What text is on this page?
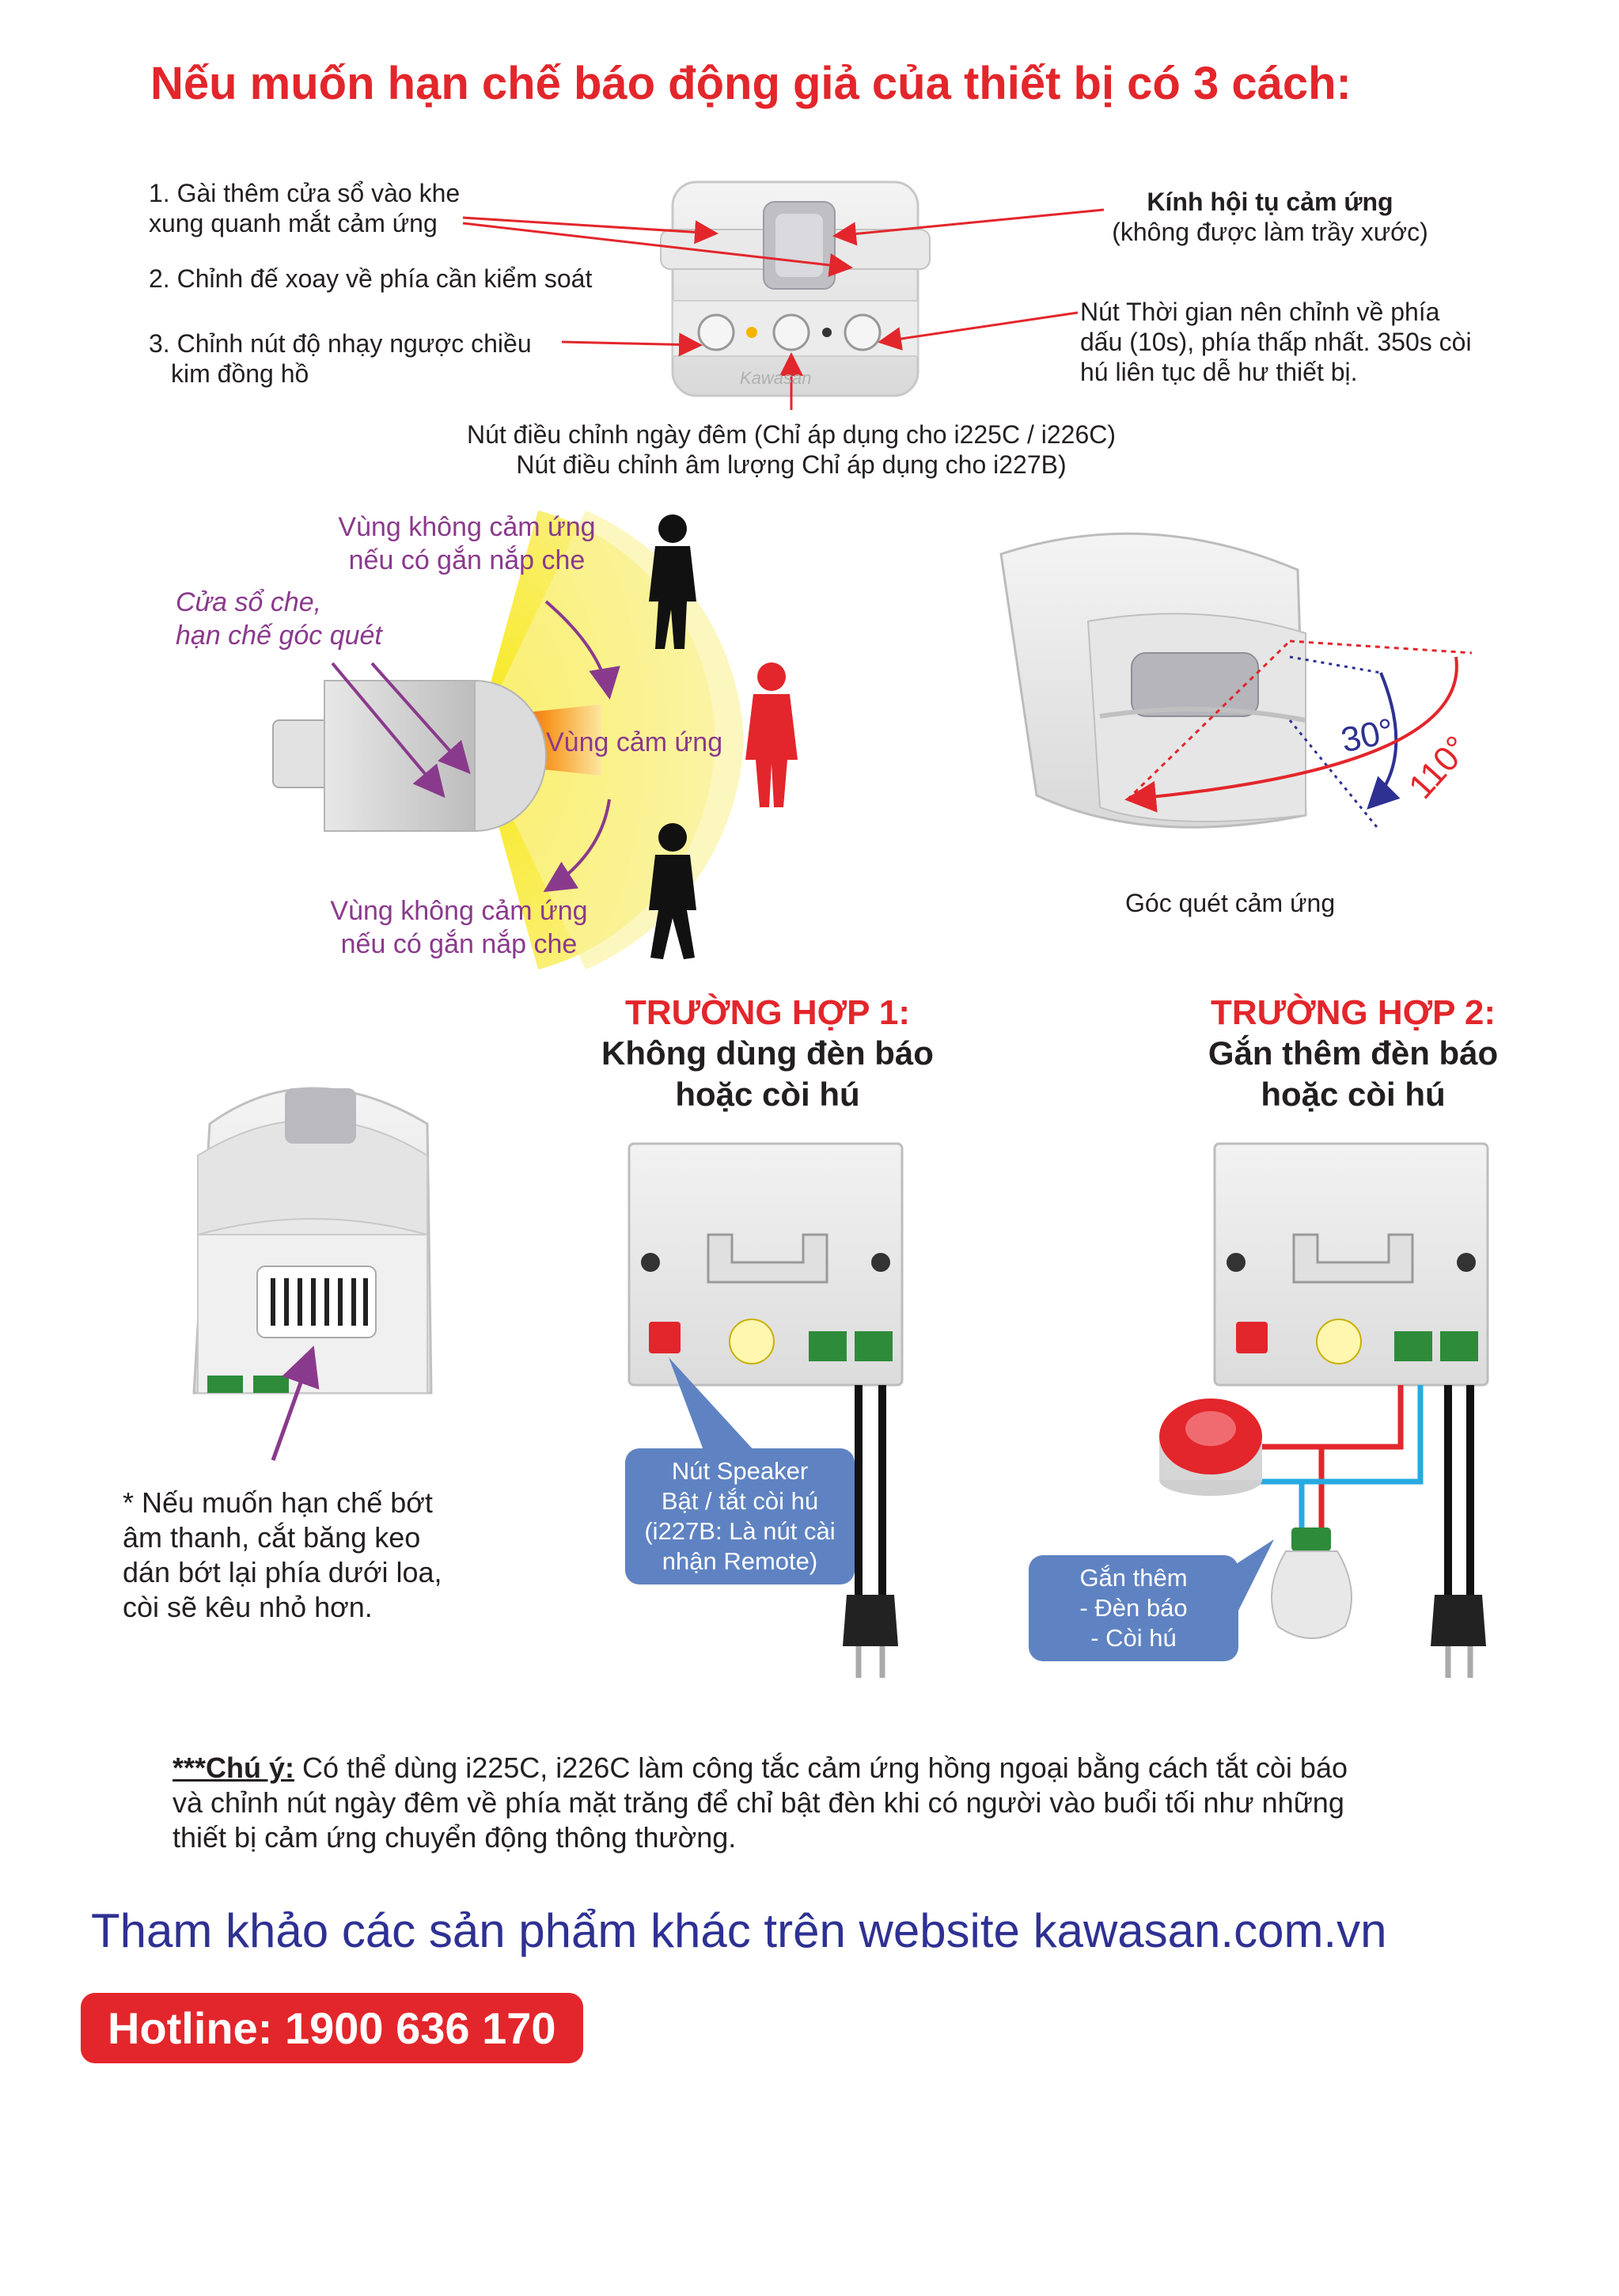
Nếu muốn hạn chế báo động giả của thiết bị có 3 cách:
1. Gài thêm cửa sổ vào khe
xung quanh mắt cảm ứng
2. Chỉnh đế xoay về phía cần kiểm soát
3. Chỉnh nút độ nhạy ngược chiều
kim đồng hồ
Kính hội tụ cảm ứng
(không được làm trầy xước)
Nút Thời gian nên chỉnh về phía
dấu (10s), phía thấp nhất. 350s còi
hú liên tục dễ hư thiết bị.
Nút điều chỉnh ngày đêm (Chỉ áp dụng cho i225C / i226C)
Nút điều chỉnh âm lượng Chỉ áp dụng cho i227B)
Kawasan
Vùng không cảm ứng
nếu có gắn nắp che
Cửa sổ che,
hạn chế góc quét
Vùng cảm ứng
Vùng không cảm ứng
nếu có gắn nắp che
30° 110°
Góc quét cảm ứng
TRƯỜNG HỢP 1:
Không dùng đèn báo
hoặc còi hú
Nút Speaker
Bật / tắt còi hú
(i227B: Là nút cài
nhận Remote)
TRƯỜNG HỢP 2:
Gắn thêm đèn báo
hoặc còi hú
Gắn thêm
- Đèn báo
- Còi hú
* Nếu muốn hạn chế bớt
âm thanh, cắt băng keo
dán bớt lại phía dưới loa,
còi sẽ kêu nhỏ hơn.
***Chú ý: Có thể dùng i225C, i226C làm công tắc cảm ứng hồng ngoại bằng cách tắt còi báo
và chỉnh nút ngày đêm về phía mặt trăng để chỉ bật đèn khi có người vào buổi tối như những
thiết bị cảm ứng chuyển động thông thường.
Tham khảo các sản phẩm khác trên website kawasan.com.vn
Hotline: 1900 636 170
